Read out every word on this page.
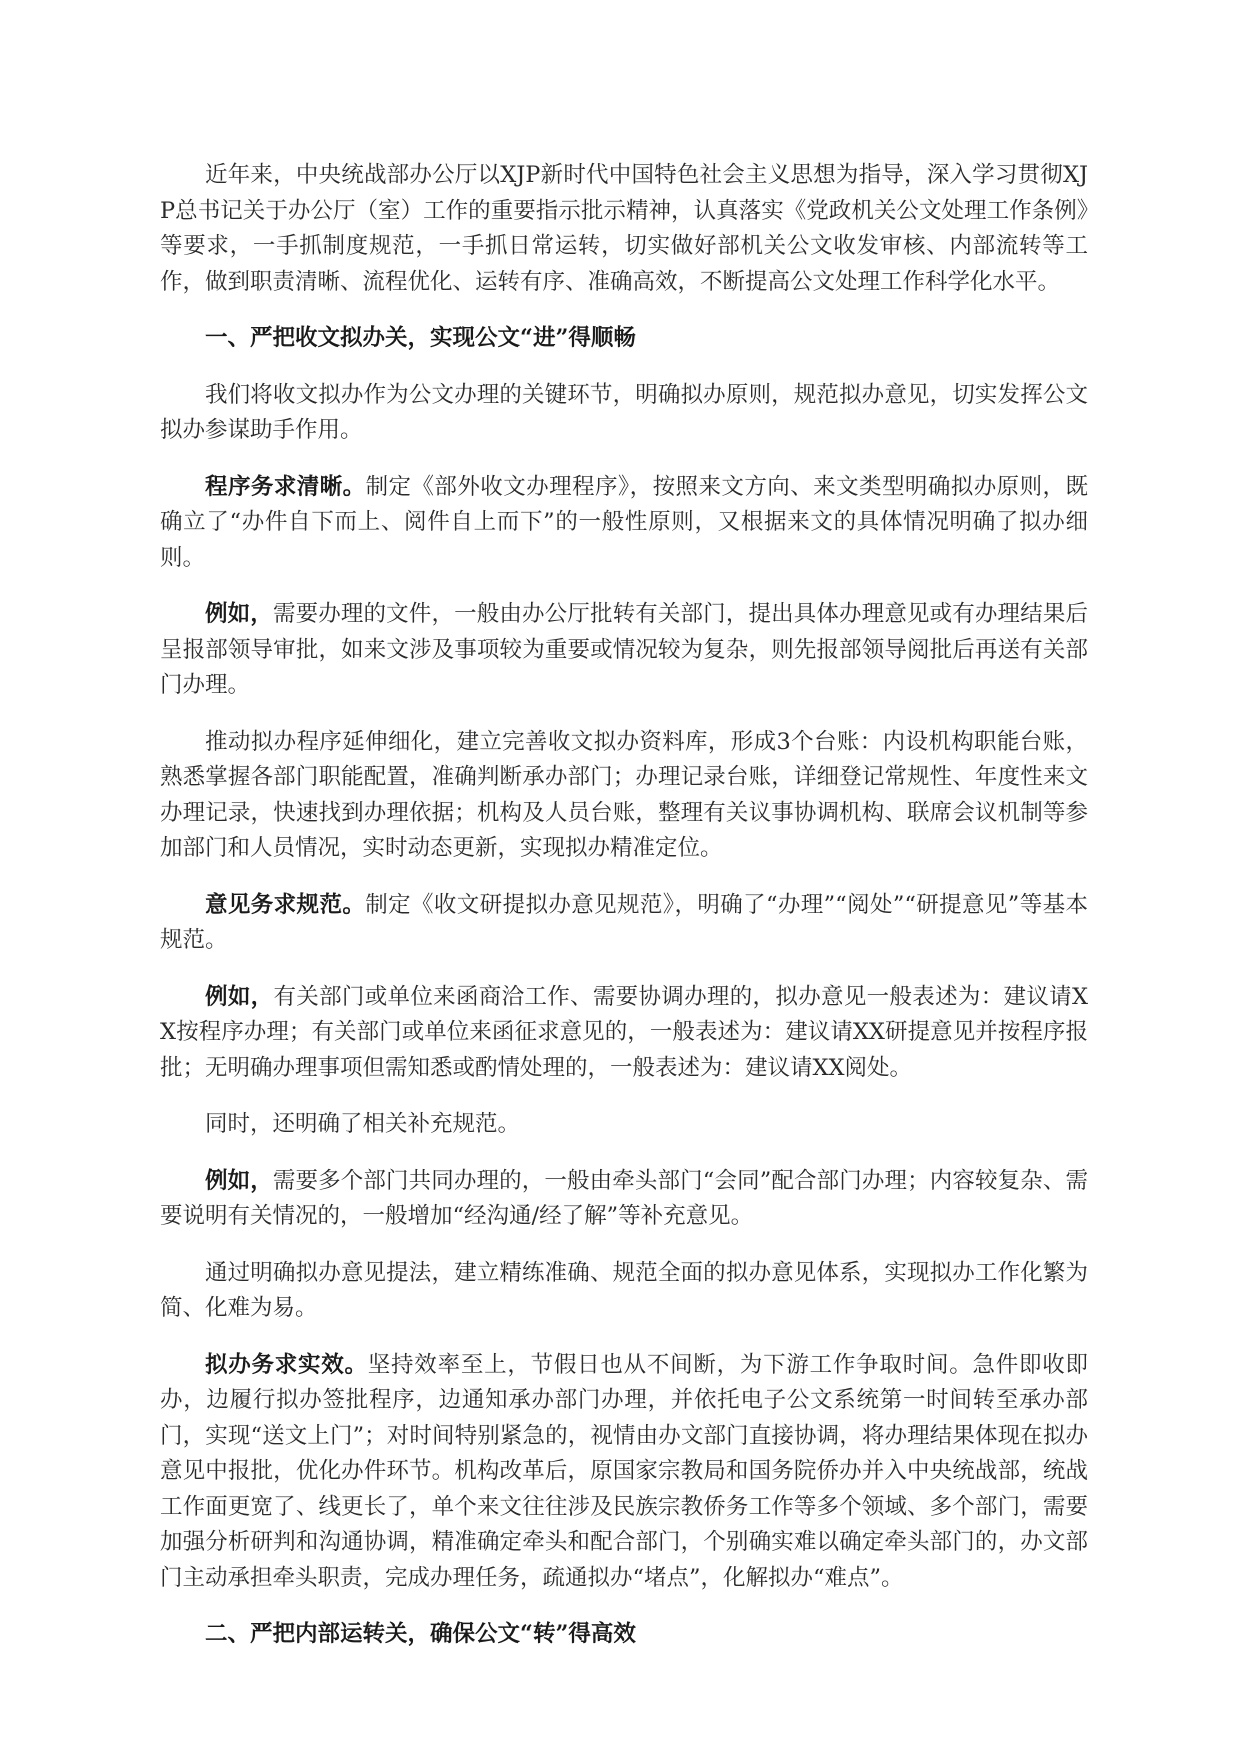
近年来，中央统战部办公厅以XJP新时代中国特色社会主义思想为指导，深入学习贯彻XJP总书记关于办公厅（室）工作的重要指示批示精神，认真落实《党政机关公文处理工作条例》等要求，一手抓制度规范，一手抓日常运转，切实做好部机关公文收发审核、内部流转等工作，做到职责清晰、流程优化、运转有序、准确高效，不断提高公文处理工作科学化水平。

一、严把收文拟办关，实现公文“进”得顺畅

我们将收文拟办作为公文办理的关键环节，明确拟办原则，规范拟办意见，切实发挥公文拟办参谋助手作用。

程序务求清晰。制定《部外收文办理程序》，按照来文方向、来文类型明确拟办原则，既确立了“办件自下而上、阅件自上而下”的一般性原则，又根据来文的具体情况明确了拟办细则。

例如，需要办理的文件，一般由办公厅批转有关部门，提出具体办理意见或有办理结果后呈报部领导审批，如来文涉及事项较为重要或情况较为复杂，则先报部领导阅批后再送有关部门办理。

推动拟办程序延伸细化，建立完善收文拟办资料库，形成3个台账：内设机构职能台账，熟悉掌握各部门职能配置，准确判断承办部门；办理记录台账，详细登记常规性、年度性来文办理记录，快速找到办理依据；机构及人员台账，整理有关议事协调机构、联席会议机制等参加部门和人员情况，实时动态更新，实现拟办精准定位。

意见务求规范。制定《收文研提拟办意见规范》，明确了“办理”“阅处”“研提意见”等基本规范。

例如，有关部门或单位来函商洽工作、需要协调办理的，拟办意见一般表述为：建议请XX按程序办理；有关部门或单位来函征求意见的，一般表述为：建议请XX研提意见并按程序报批；无明确办理事项但需知悉或酌情处理的，一般表述为：建议请XX阅处。

同时，还明确了相关补充规范。

例如，需要多个部门共同办理的，一般由牵头部门“会同”配合部门办理；内容较复杂、需要说明有关情况的，一般增加“经沟通/经了解”等补充意见。

通过明确拟办意见提法，建立精练准确、规范全面的拟办意见体系，实现拟办工作化繁为简、化难为易。

拟办务求实效。坚持效率至上，节假日也从不间断，为下游工作争取时间。急件即收即办，边履行拟办签批程序，边通知承办部门办理，并依托电子公文系统第一时间转至承办部门，实现“送文上门”；对时间特别紧急的，视情由办文部门直接协调，将办理结果体现在拟办意见中报批，优化办件环节。机构改革后，原国家宗教局和国务院侨办并入中央统战部，统战工作面更宽了、线更长了，单个来文往往涉及民族宗教侨务工作等多个领域、多个部门，需要加强分析研判和沟通协调，精准确定牵头和配合部门，个别确实难以确定牵头部门的，办文部门主动承担牵头职责，完成办理任务，疏通拟办“堵点”，化解拟办“难点”。

二、严把内部运转关，确保公文“转”得高效
